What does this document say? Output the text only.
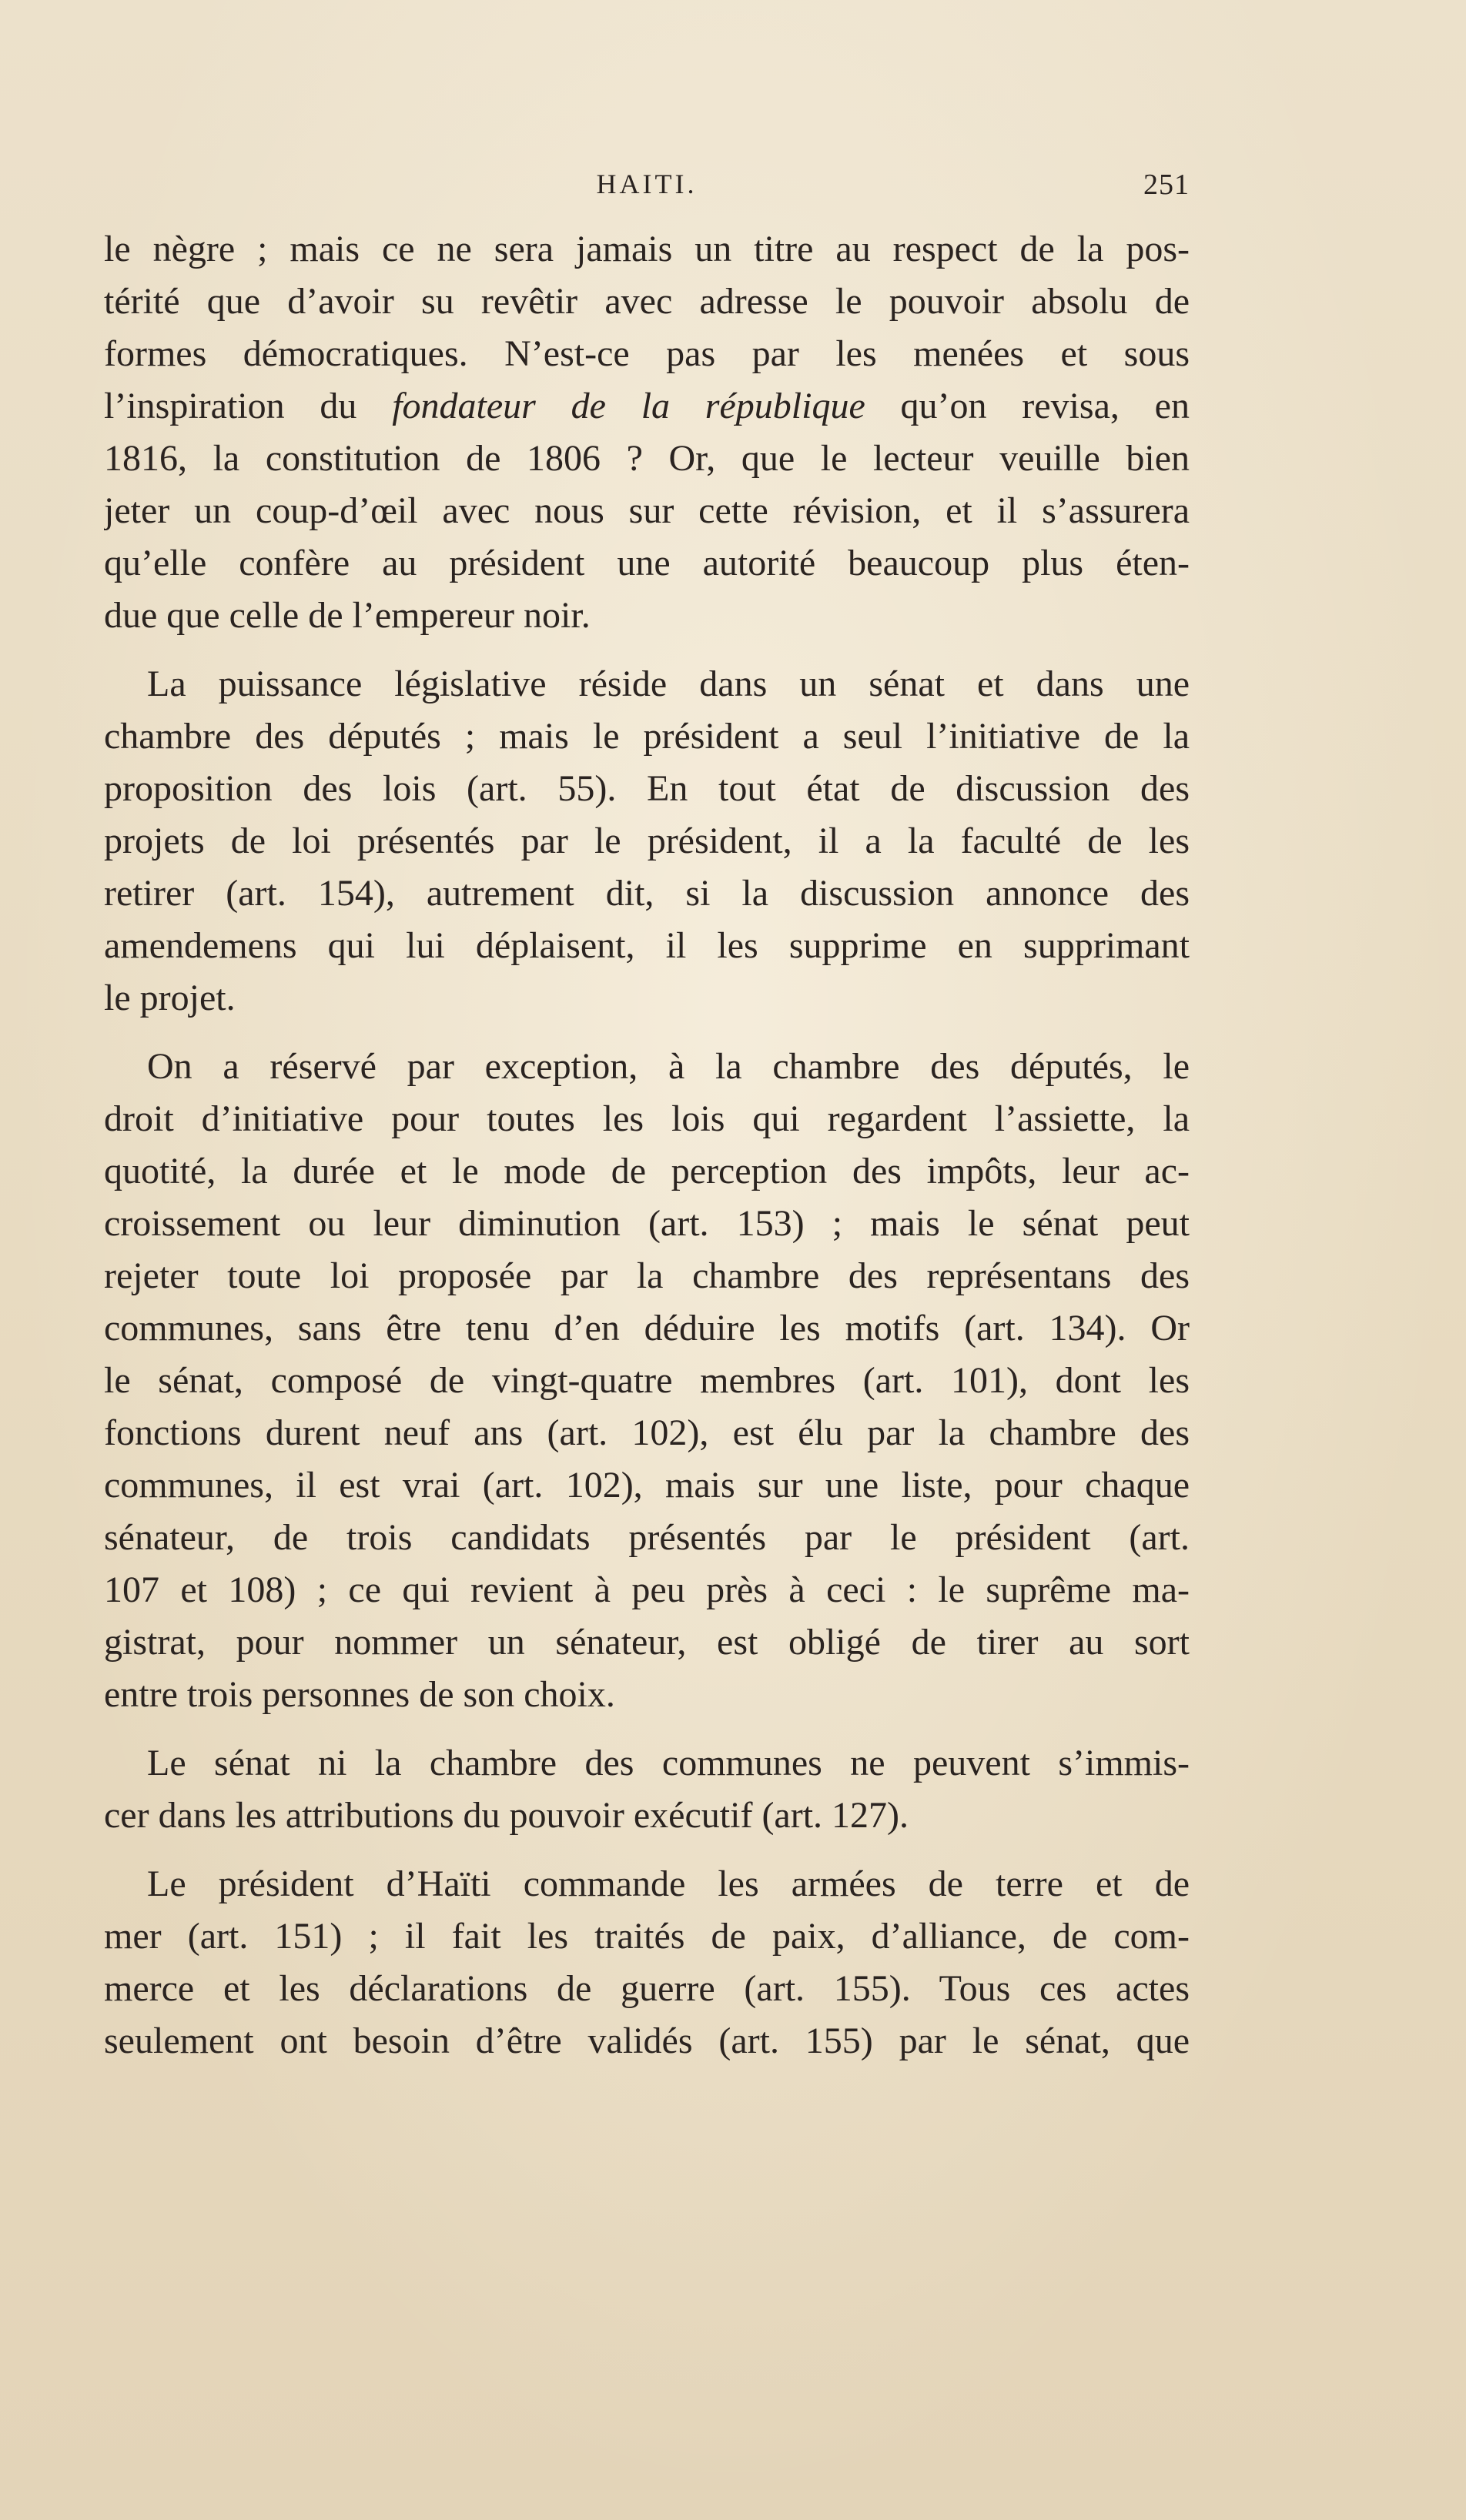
HAITI.	251

le nègre ; mais ce ne sera jamais un titre au respect de la pos-
térité que d’avoir su revêtir avec adresse le pouvoir absolu de
formes démocratiques. N’est-ce pas par les menées et sous
l’inspiration du fondateur de la république qu’on revisa, en
1816, la constitution de 1806 ? Or, que le lecteur veuille bien
jeter un coup-d’œil avec nous sur cette révision, et il s’assurera
qu’elle confère au président une autorité beaucoup plus éten-
due que celle de l’empereur noir.

La puissance législative réside dans un sénat et dans une
chambre des députés ; mais le président a seul l’initiative de la
proposition des lois (art. 55). En tout état de discussion des
projets de loi présentés par le président, il a la faculté de les
retirer (art. 154), autrement dit, si la discussion annonce des
amendemens qui lui déplaisent, il les supprime en supprimant
le projet.

On a réservé par exception, à la chambre des députés, le
droit d’initiative pour toutes les lois qui regardent l’assiette, la
quotité, la durée et le mode de perception des impôts, leur ac-
croissement ou leur diminution (art. 153) ; mais le sénat peut
rejeter toute loi proposée par la chambre des représentans des
communes, sans être tenu d’en déduire les motifs (art. 134). Or
le sénat, composé de vingt-quatre membres (art. 101), dont les
fonctions durent neuf ans (art. 102), est élu par la chambre des
communes, il est vrai (art. 102), mais sur une liste, pour chaque
sénateur, de trois candidats présentés par le président (art.
107 et 108) ; ce qui revient à peu près à ceci : le suprême ma-
gistrat, pour nommer un sénateur, est obligé de tirer au sort
entre trois personnes de son choix.

Le sénat ni la chambre des communes ne peuvent s’immis-
cer dans les attributions du pouvoir exécutif (art. 127).

Le président d’Haïti commande les armées de terre et de
mer (art. 151) ; il fait les traités de paix, d’alliance, de com-
merce et les déclarations de guerre (art. 155). Tous ces actes
seulement ont besoin d’être validés (art. 155) par le sénat, que
